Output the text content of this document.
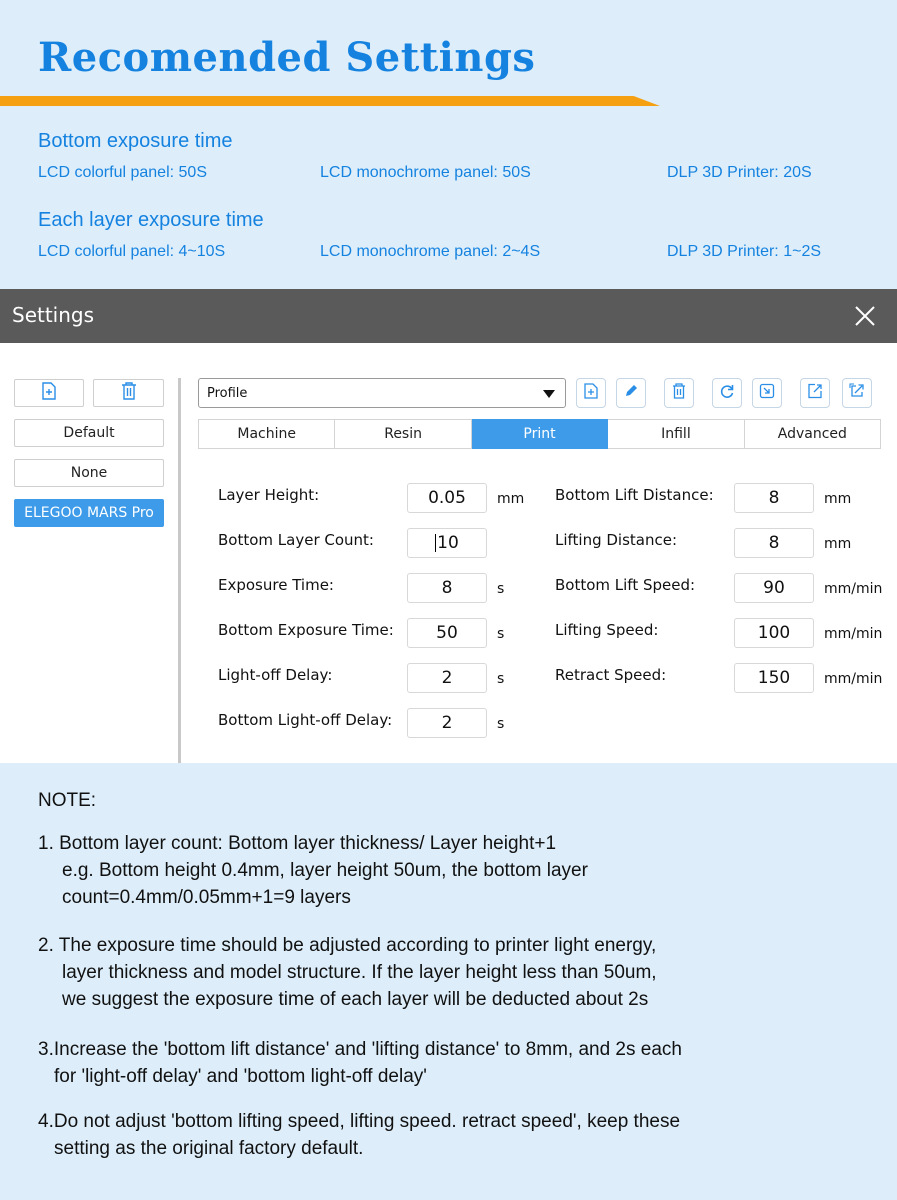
Recomended Settings
Bottom exposure time
LCD colorful panel: 50S	LCD monochrome panel: 50S	DLP 3D Printer: 20S
Each layer exposure time
LCD colorful panel: 4~10S	LCD monochrome panel: 2~4S	DLP 3D Printer: 1~2S
Settings
Default
None
ELEGOO MARS Pro
Profile
Machine	Resin	Print	Infill	Advanced
Layer Height:	0.05	mm
Bottom Layer Count:	10
Exposure Time:	8	s
Bottom Exposure Time:	50	s
Light-off Delay:	2	s
Bottom Light-off Delay:	2	s
Bottom Lift Distance:	8	mm
Lifting Distance:	8	mm
Bottom Lift Speed:	90	mm/min
Lifting Speed:	100	mm/min
Retract Speed:	150	mm/min
NOTE:
1. Bottom layer count: Bottom layer thickness/ Layer height+1
e.g. Bottom height 0.4mm, layer height 50um, the bottom layer
count=0.4mm/0.05mm+1=9 layers
2. The exposure time should be adjusted according to printer light energy,
layer thickness and model structure. If the layer height less than 50um,
we suggest the exposure time of each layer will be deducted about 2s
3.Increase the 'bottom lift distance' and 'lifting distance' to 8mm, and 2s each
for 'light-off delay' and 'bottom light-off delay'
4.Do not adjust 'bottom lifting speed, lifting speed. retract speed', keep these
setting as the original factory default.
